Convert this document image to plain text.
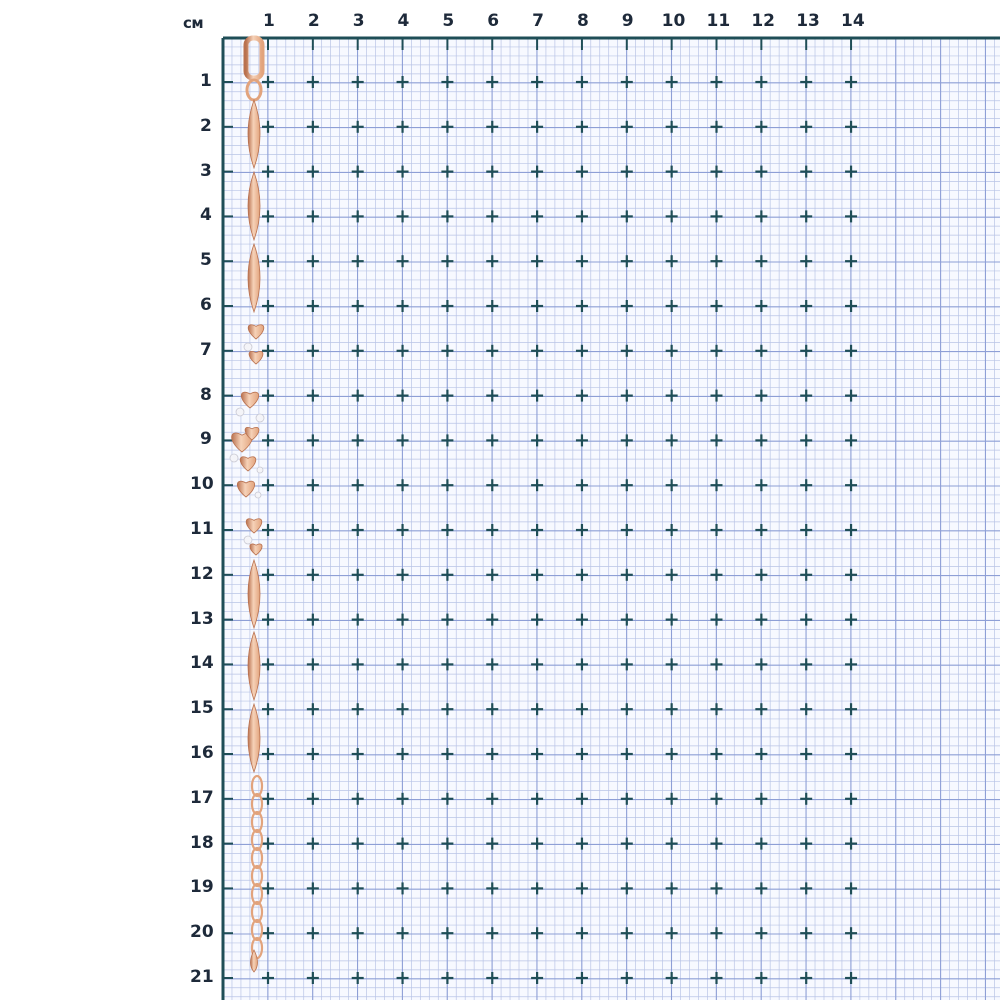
см	1 2 3 4 5 6 7 8 9 10 11 12 13 14
1
2
3
4
5
6
7
8
9
10
11
12
13
14
15
16
17
18
19
20
21
